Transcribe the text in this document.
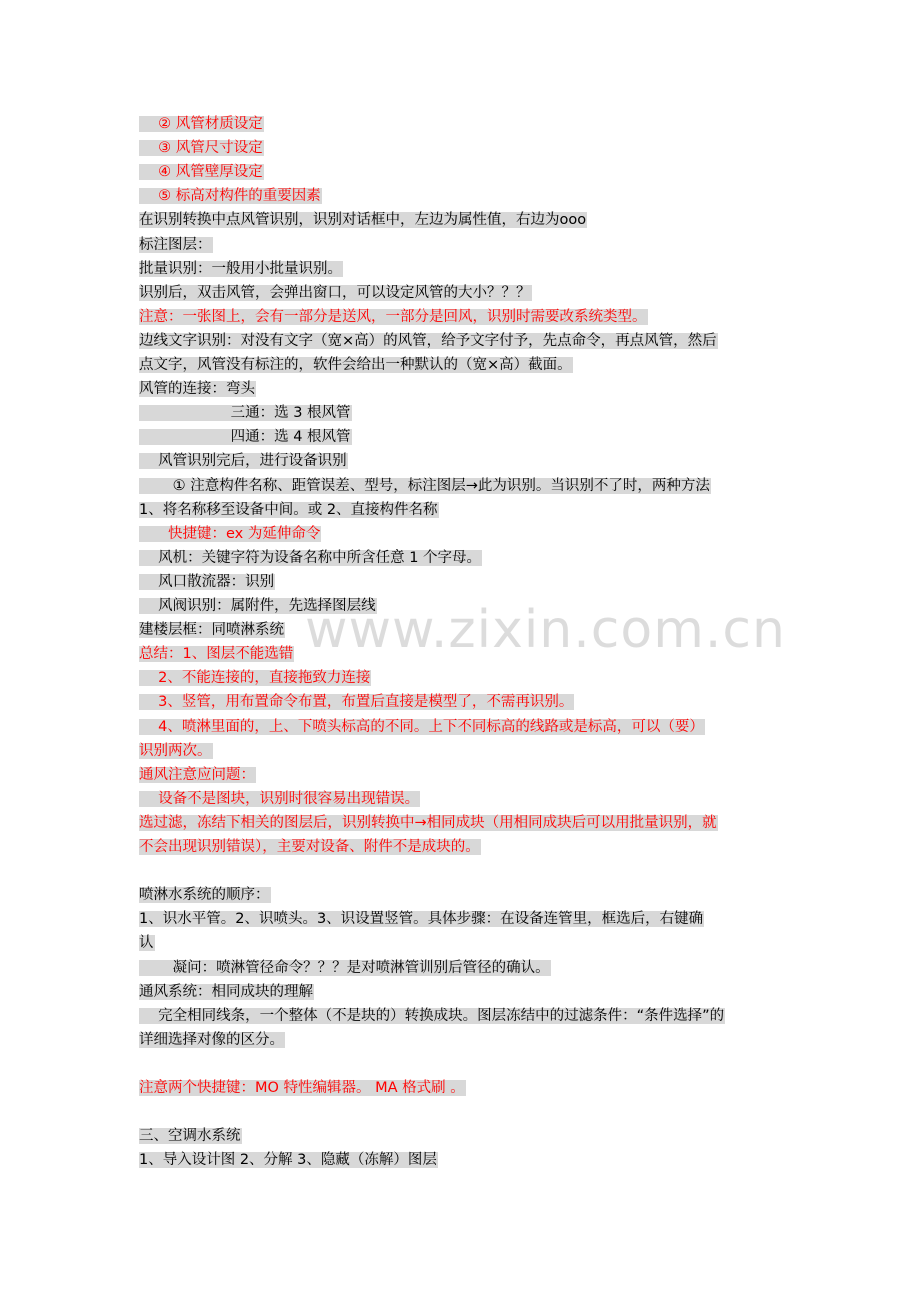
　 ② 风管材质设定
　 ③ 风管尺寸设定
　 ④ 风管壁厚设定
　 ⑤ 标高对构件的重要因素
在识别转换中点风管识别，识别对话框中，左边为属性值，右边为ooo
标注图层：
批量识别：一般用小批量识别。
识别后，双击风管，会弹出窗口，可以设定风管的大小？？？
注意：一张图上，会有一部分是送风，一部分是回风，识别时需要改系统类型。
边线文字识别：对没有文字（宽×高）的风管，给予文字付予，先点命令，再点风管，然后
点文字，风管没有标注的，软件会给出一种默认的（宽×高）截面。
风管的连接：弯头
　　　　　　 三通：选 3 根风管
　　　　　　 四通：选 4 根风管
　 风管识别完后，进行设备识别
　　 ① 注意构件名称、距管误差、型号，标注图层→此为识别。当识别不了时，两种方法
1、将名称移至设备中间。或 2、直接构件名称
　　快捷键：ex 为延伸命令
　 风机：关键字符为设备名称中所含任意 1 个字母。
　 风口散流器：识别
　 风阀识别：属附件，先选择图层线
建楼层框：同喷淋系统
总结：1、图层不能选错
　 2、不能连接的，直接拖致力连接
　 3、竖管，用布置命令布置，布置后直接是模型了，不需再识别。
　 4、喷淋里面的，上、下喷头标高的不同。上下不同标高的线路或是标高，可以（要）
识别两次。
通风注意应问题：
　 设备不是图块，识别时很容易出现错误。
选过滤，冻结下相关的图层后，识别转换中→相同成块（用相同成块后可以用批量识别，就
不会出现识别错误），主要对设备、附件不是成块的。
喷淋水系统的顺序：
1、识水平管。2、识喷头。3、识设置竖管。具体步骤：在设备连管里，框选后，右键确
认
　　 凝问：喷淋管径命令？？？是对喷淋管训别后管径的确认。
通风系统：相同成块的理解
　 完全相同线条，一个整体（不是块的）转换成块。图层冻结中的过滤条件：“条件选择”的
详细选择对像的区分。
注意两个快捷键：MO 特性编辑器。 MA 格式刷 。
三、空调水系统
1、导入设计图 2、分解 3、隐藏（冻解）图层
www.zixin.com.cn
